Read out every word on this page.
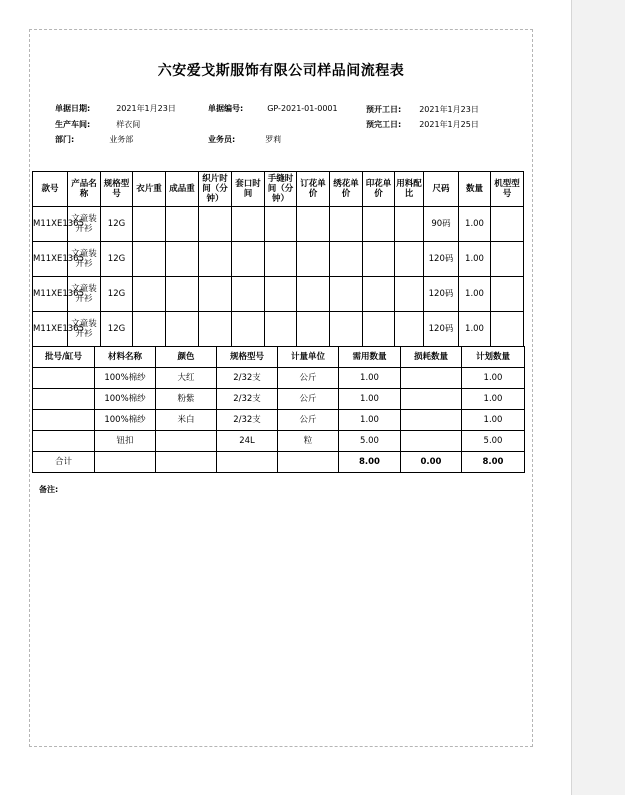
六安爱戈斯服饰有限公司样品间流程表
单据日期:	2021年1月23日	单据编号:	GP-2021-01-0001	预开工日: 2021年1月23日
生产车间:	样衣间	预完工日: 2021年1月25日
部门:	业务部	业务员:	罗莉
款号	产品名称	规格型号	衣片重	成品重	织片时间（分钟）	套口时间	手缝时间（分钟）	订花单价	绣花单价	印花单价	用料配比	尺码	数量	机型型号
M11XE1365	文童装开衫	12G										90码	1.00	
M11XE1365	文童装开衫	12G										120码	1.00	
M11XE1365	文童装开衫	12G										120码	1.00	
M11XE1365	文童装开衫	12G										120码	1.00	
批号/缸号	材料名称	颜色	规格型号	计量单位	需用数量	损耗数量	计划数量
	100%棉纱	大红	2/32支	公斤	1.00		1.00
	100%棉纱	粉紫	2/32支	公斤	1.00		1.00
	100%棉纱	米白	2/32支	公斤	1.00		1.00
	钮扣		24L	粒	5.00		5.00
合计					8.00	0.00	8.00
备注:
